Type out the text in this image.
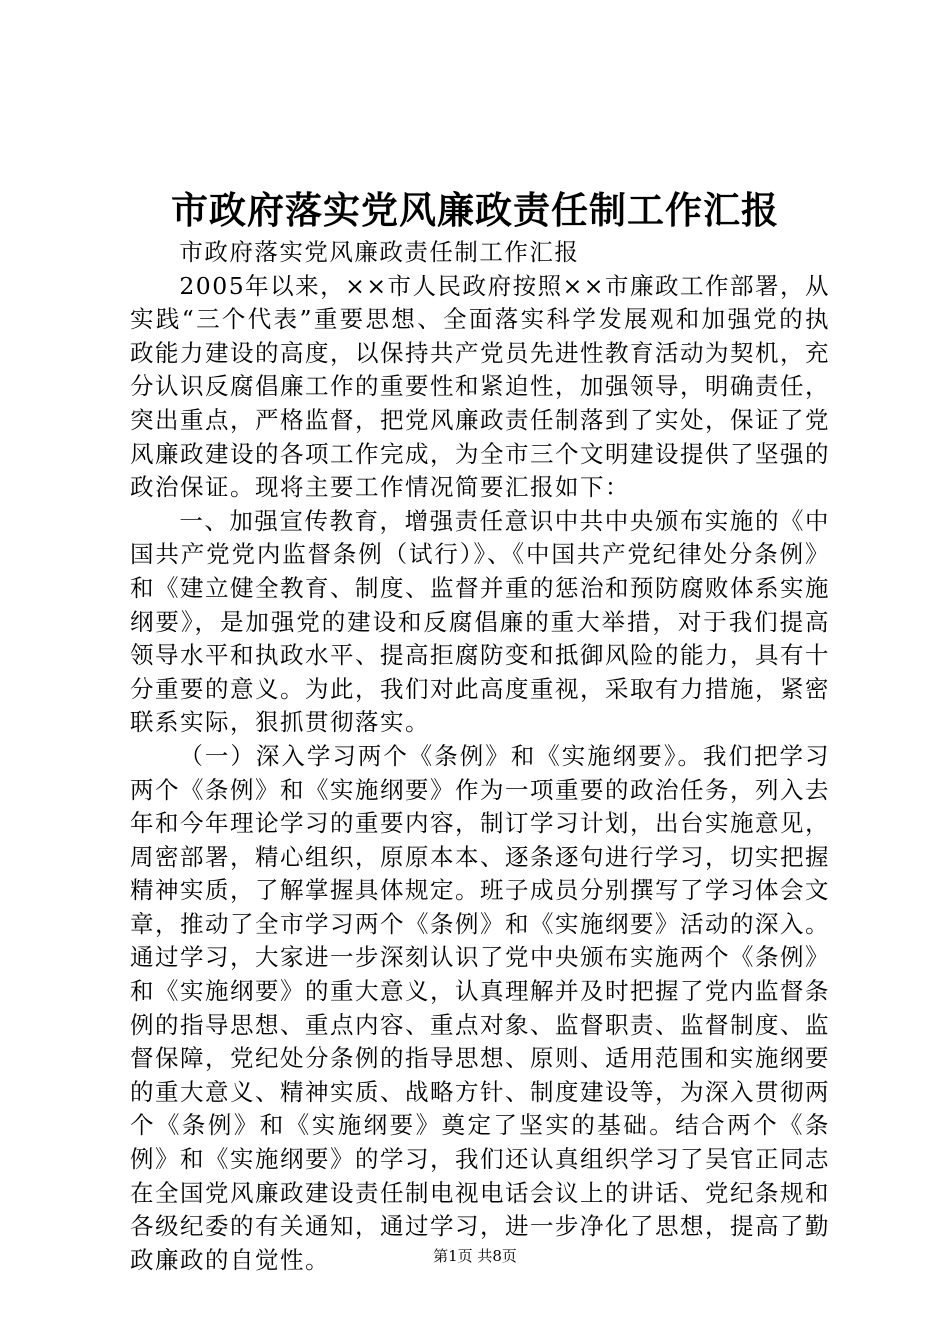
市政府落实党风廉政责任制工作汇报

市政府落实党风廉政责任制工作汇报

2005年以来，××市人民政府按照××市廉政工作部署，从实践“三个代表”重要思想、全面落实科学发展观和加强党的执政能力建设的高度，以保持共产党员先进性教育活动为契机，充分认识反腐倡廉工作的重要性和紧迫性，加强领导，明确责任，突出重点，严格监督，把党风廉政责任制落到了实处，保证了党风廉政建设的各项工作完成，为全市三个文明建设提供了坚强的政治保证。现将主要工作情况简要汇报如下：

一、加强宣传教育，增强责任意识中共中央颁布实施的《中国共产党党内监督条例（试行）》、《中国共产党纪律处分条例》和《建立健全教育、制度、监督并重的惩治和预防腐败体系实施纲要》，是加强党的建设和反腐倡廉的重大举措，对于我们提高领导水平和执政水平、提高拒腐防变和抵御风险的能力，具有十分重要的意义。为此，我们对此高度重视，采取有力措施，紧密联系实际，狠抓贯彻落实。

（一）深入学习两个《条例》和《实施纲要》。我们把学习两个《条例》和《实施纲要》作为一项重要的政治任务，列入去年和今年理论学习的重要内容，制订学习计划，出台实施意见，周密部署，精心组织，原原本本、逐条逐句进行学习，切实把握精神实质，了解掌握具体规定。班子成员分别撰写了学习体会文章，推动了全市学习两个《条例》和《实施纲要》活动的深入。通过学习，大家进一步深刻认识了党中央颁布实施两个《条例》和《实施纲要》的重大意义，认真理解并及时把握了党内监督条例的指导思想、重点内容、重点对象、监督职责、监督制度、监督保障，党纪处分条例的指导思想、原则、适用范围和实施纲要的重大意义、精神实质、战略方针、制度建设等，为深入贯彻两个《条例》和《实施纲要》奠定了坚实的基础。结合两个《条例》和《实施纲要》的学习，我们还认真组织学习了吴官正同志在全国党风廉政建设责任制电视电话会议上的讲话、党纪条规和各级纪委的有关通知，通过学习，进一步净化了思想，提高了勤政廉政的自觉性。	第1页 共8页
